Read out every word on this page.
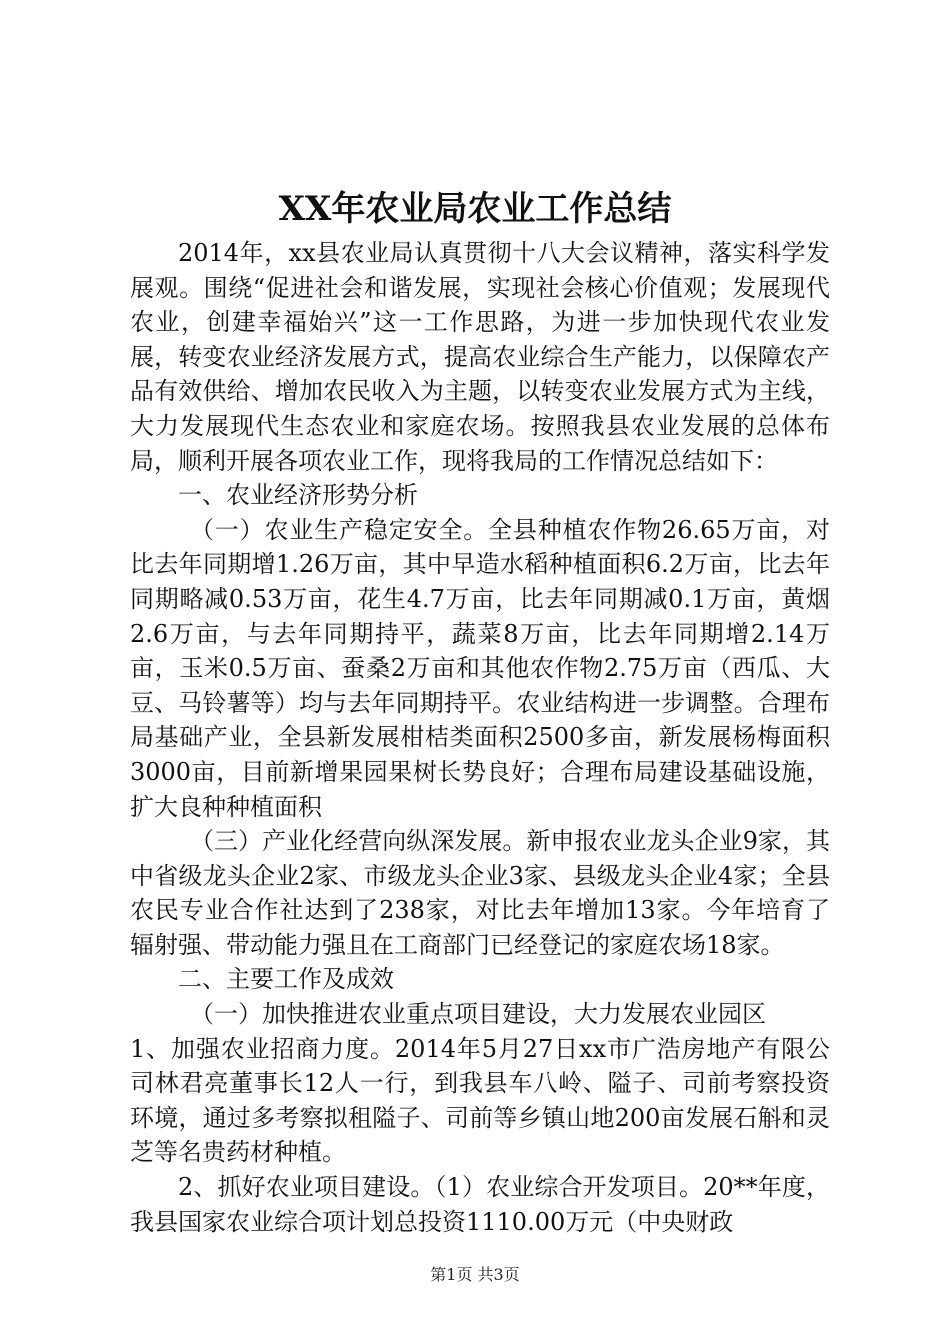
XX年农业局农业工作总结

2014年，xx县农业局认真贯彻十八大会议精神，落实科学发展观。围绕“促进社会和谐发展，实现社会核心价值观；发展现代农业，创建幸福始兴”这一工作思路，为进一步加快现代农业发展，转变农业经济发展方式，提高农业综合生产能力，以保障农产品有效供给、增加农民收入为主题，以转变农业发展方式为主线，大力发展现代生态农业和家庭农场。按照我县农业发展的总体布局，顺利开展各项农业工作，现将我局的工作情况总结如下：

一、农业经济形势分析

（一）农业生产稳定安全。全县种植农作物26.65万亩，对比去年同期增1.26万亩，其中早造水稻种植面积6.2万亩，比去年同期略减0.53万亩，花生4.7万亩，比去年同期减0.1万亩，黄烟2.6万亩，与去年同期持平，蔬菜8万亩，比去年同期增2.14万亩，玉米0.5万亩、蚕桑2万亩和其他农作物2.75万亩（西瓜、大豆、马铃薯等）均与去年同期持平。农业结构进一步调整。合理布局基础产业，全县新发展柑桔类面积2500多亩，新发展杨梅面积3000亩，目前新增果园果树长势良好；合理布局建设基础设施，扩大良种种植面积

（三）产业化经营向纵深发展。新申报农业龙头企业9家，其中省级龙头企业2家、市级龙头企业3家、县级龙头企业4家；全县农民专业合作社达到了238家，对比去年增加13家。今年培育了辐射强、带动能力强且在工商部门已经登记的家庭农场18家。

二、主要工作及成效

（一）加快推进农业重点项目建设，大力发展农业园区

1、加强农业招商力度。2014年5月27日xx市广浩房地产有限公司林君亮董事长12人一行，到我县车八岭、隘子、司前考察投资环境，通过多考察拟租隘子、司前等乡镇山地200亩发展石斛和灵芝等名贵药材种植。

2、抓好农业项目建设。（1）农业综合开发项目。20**年度，我县国家农业综合项计划总投资1110.00万元（中央财政

第1页 共3页
